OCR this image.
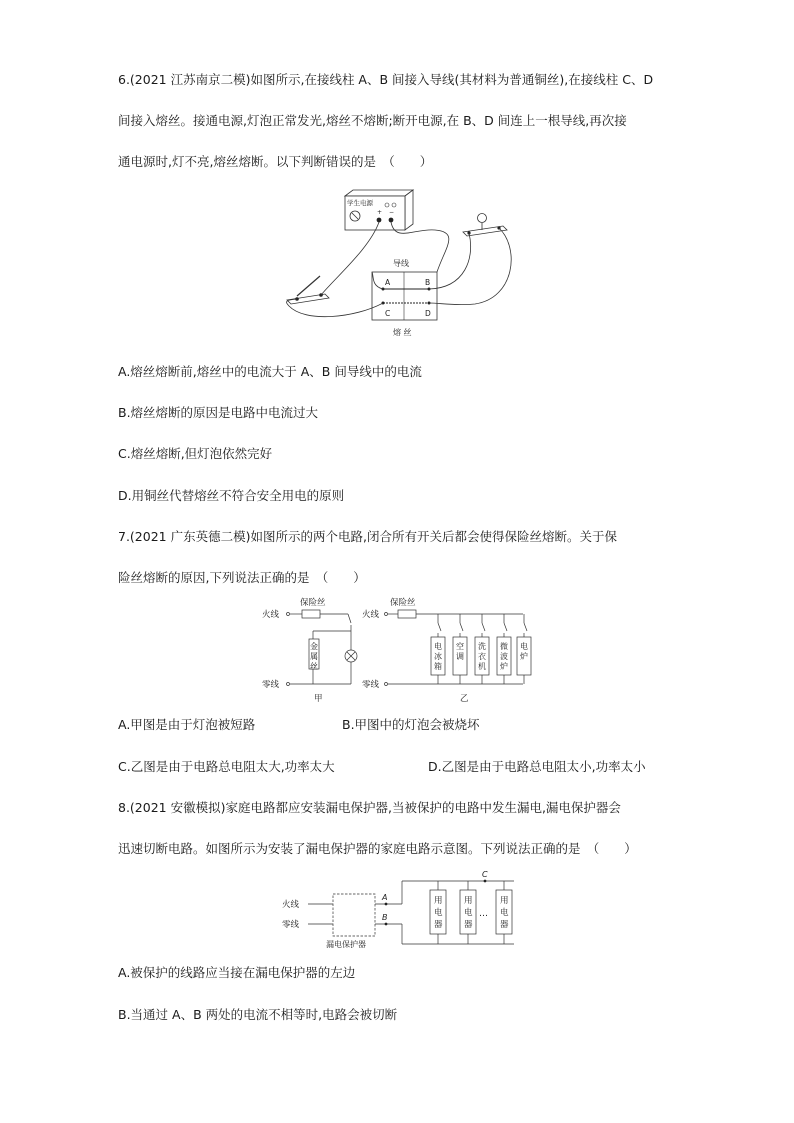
6.(2021 江苏南京二模)如图所示,在接线柱 A、B 间接入导线(其材料为普通铜丝),在接线柱 C、D
间接入熔丝。接通电源,灯泡正常发光,熔丝不熔断;断开电源,在 B、D 间连上一根导线,再次接
通电源时,灯不亮,熔丝熔断。以下判断错误的是　（　　）
学生电源
+ −
导线
A	B
C	D
熔 丝
A.熔丝熔断前,熔丝中的电流大于 A、B 间导线中的电流
B.熔丝熔断的原因是电路中电流过大
C.熔丝熔断,但灯泡依然完好
D.用铜丝代替熔丝不符合安全用电的原则
7.(2021 广东英德二模)如图所示的两个电路,闭合所有开关后都会使得保险丝熔断。关于保
险丝熔断的原因,下列说法正确的是　（　　）
火线
保险丝
金
属
丝
零线
甲
火线
保险丝
零线
乙
电
冰
箱
空
调
洗
衣
机
微
波
炉
电
炉
A.甲图是由于灯泡被短路	B.甲图中的灯泡会被烧坏
C.乙图是由于电路总电阻太大,功率太大	D.乙图是由于电路总电阻太小,功率太小
8.(2021 安徽模拟)家庭电路都应安装漏电保护器,当被保护的电路中发生漏电,漏电保护器会
迅速切断电路。如图所示为安装了漏电保护器的家庭电路示意图。下列说法正确的是　（　　）
火线
零线
漏电保护器
A
B
C
…
用
电
器
用
电
器
用
电
器
A.被保护的线路应当接在漏电保护器的左边
B.当通过 A、B 两处的电流不相等时,电路会被切断
